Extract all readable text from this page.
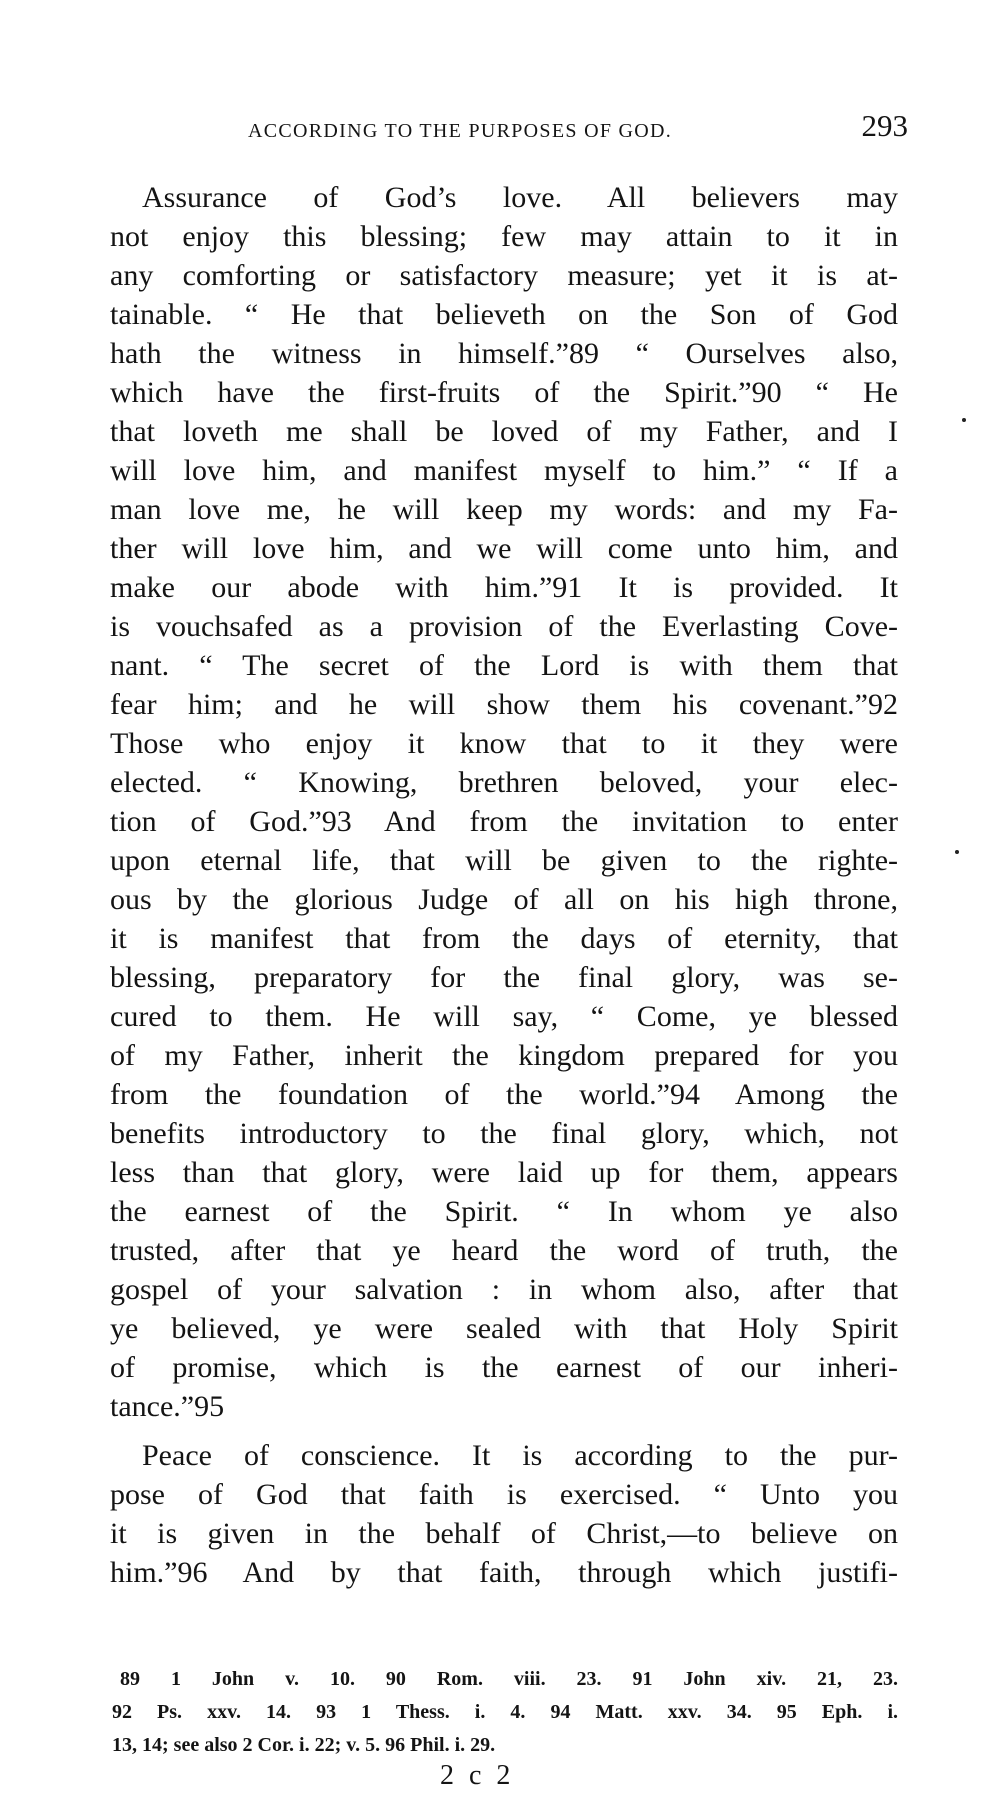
ACCORDING TO THE PURPOSES OF GOD.	293
Assurance of God’s love. All believers may
not enjoy this blessing; few may attain to it in
any comforting or satisfactory measure; yet it is at-
tainable. “ He that believeth on the Son of God
hath the witness in himself.”89 “ Ourselves also,
which have the first-fruits of the Spirit.”90 “ He
that loveth me shall be loved of my Father, and I
will love him, and manifest myself to him.” “ If a
man love me, he will keep my words: and my Fa-
ther will love him, and we will come unto him, and
make our abode with him.”91 It is provided. It
is vouchsafed as a provision of the Everlasting Cove-
nant. “ The secret of the Lord is with them that
fear him; and he will show them his covenant.”92
Those who enjoy it know that to it they were
elected. “ Knowing, brethren beloved, your elec-
tion of God.”93 And from the invitation to enter
upon eternal life, that will be given to the righte-
ous by the glorious Judge of all on his high throne,
it is manifest that from the days of eternity, that
blessing, preparatory for the final glory, was se-
cured to them. He will say, “ Come, ye blessed
of my Father, inherit the kingdom prepared for you
from the foundation of the world.”94 Among the
benefits introductory to the final glory, which, not
less than that glory, were laid up for them, appears
the earnest of the Spirit. “ In whom ye also
trusted, after that ye heard the word of truth, the
gospel of your salvation : in whom also, after that
ye believed, ye were sealed with that Holy Spirit
of promise, which is the earnest of our inheri-
tance.”95
Peace of conscience. It is according to the pur-
pose of God that faith is exercised. “ Unto you
it is given in the behalf of Christ,—to believe on
him.”96 And by that faith, through which justifi-
89 1 John v. 10. 90 Rom. viii. 23. 91 John xiv. 21, 23.
92 Ps. xxv. 14. 93 1 Thess. i. 4. 94 Matt. xxv. 34. 95 Eph. i.
13, 14; see also 2 Cor. i. 22; v. 5. 96 Phil. i. 29.
2 c 2
